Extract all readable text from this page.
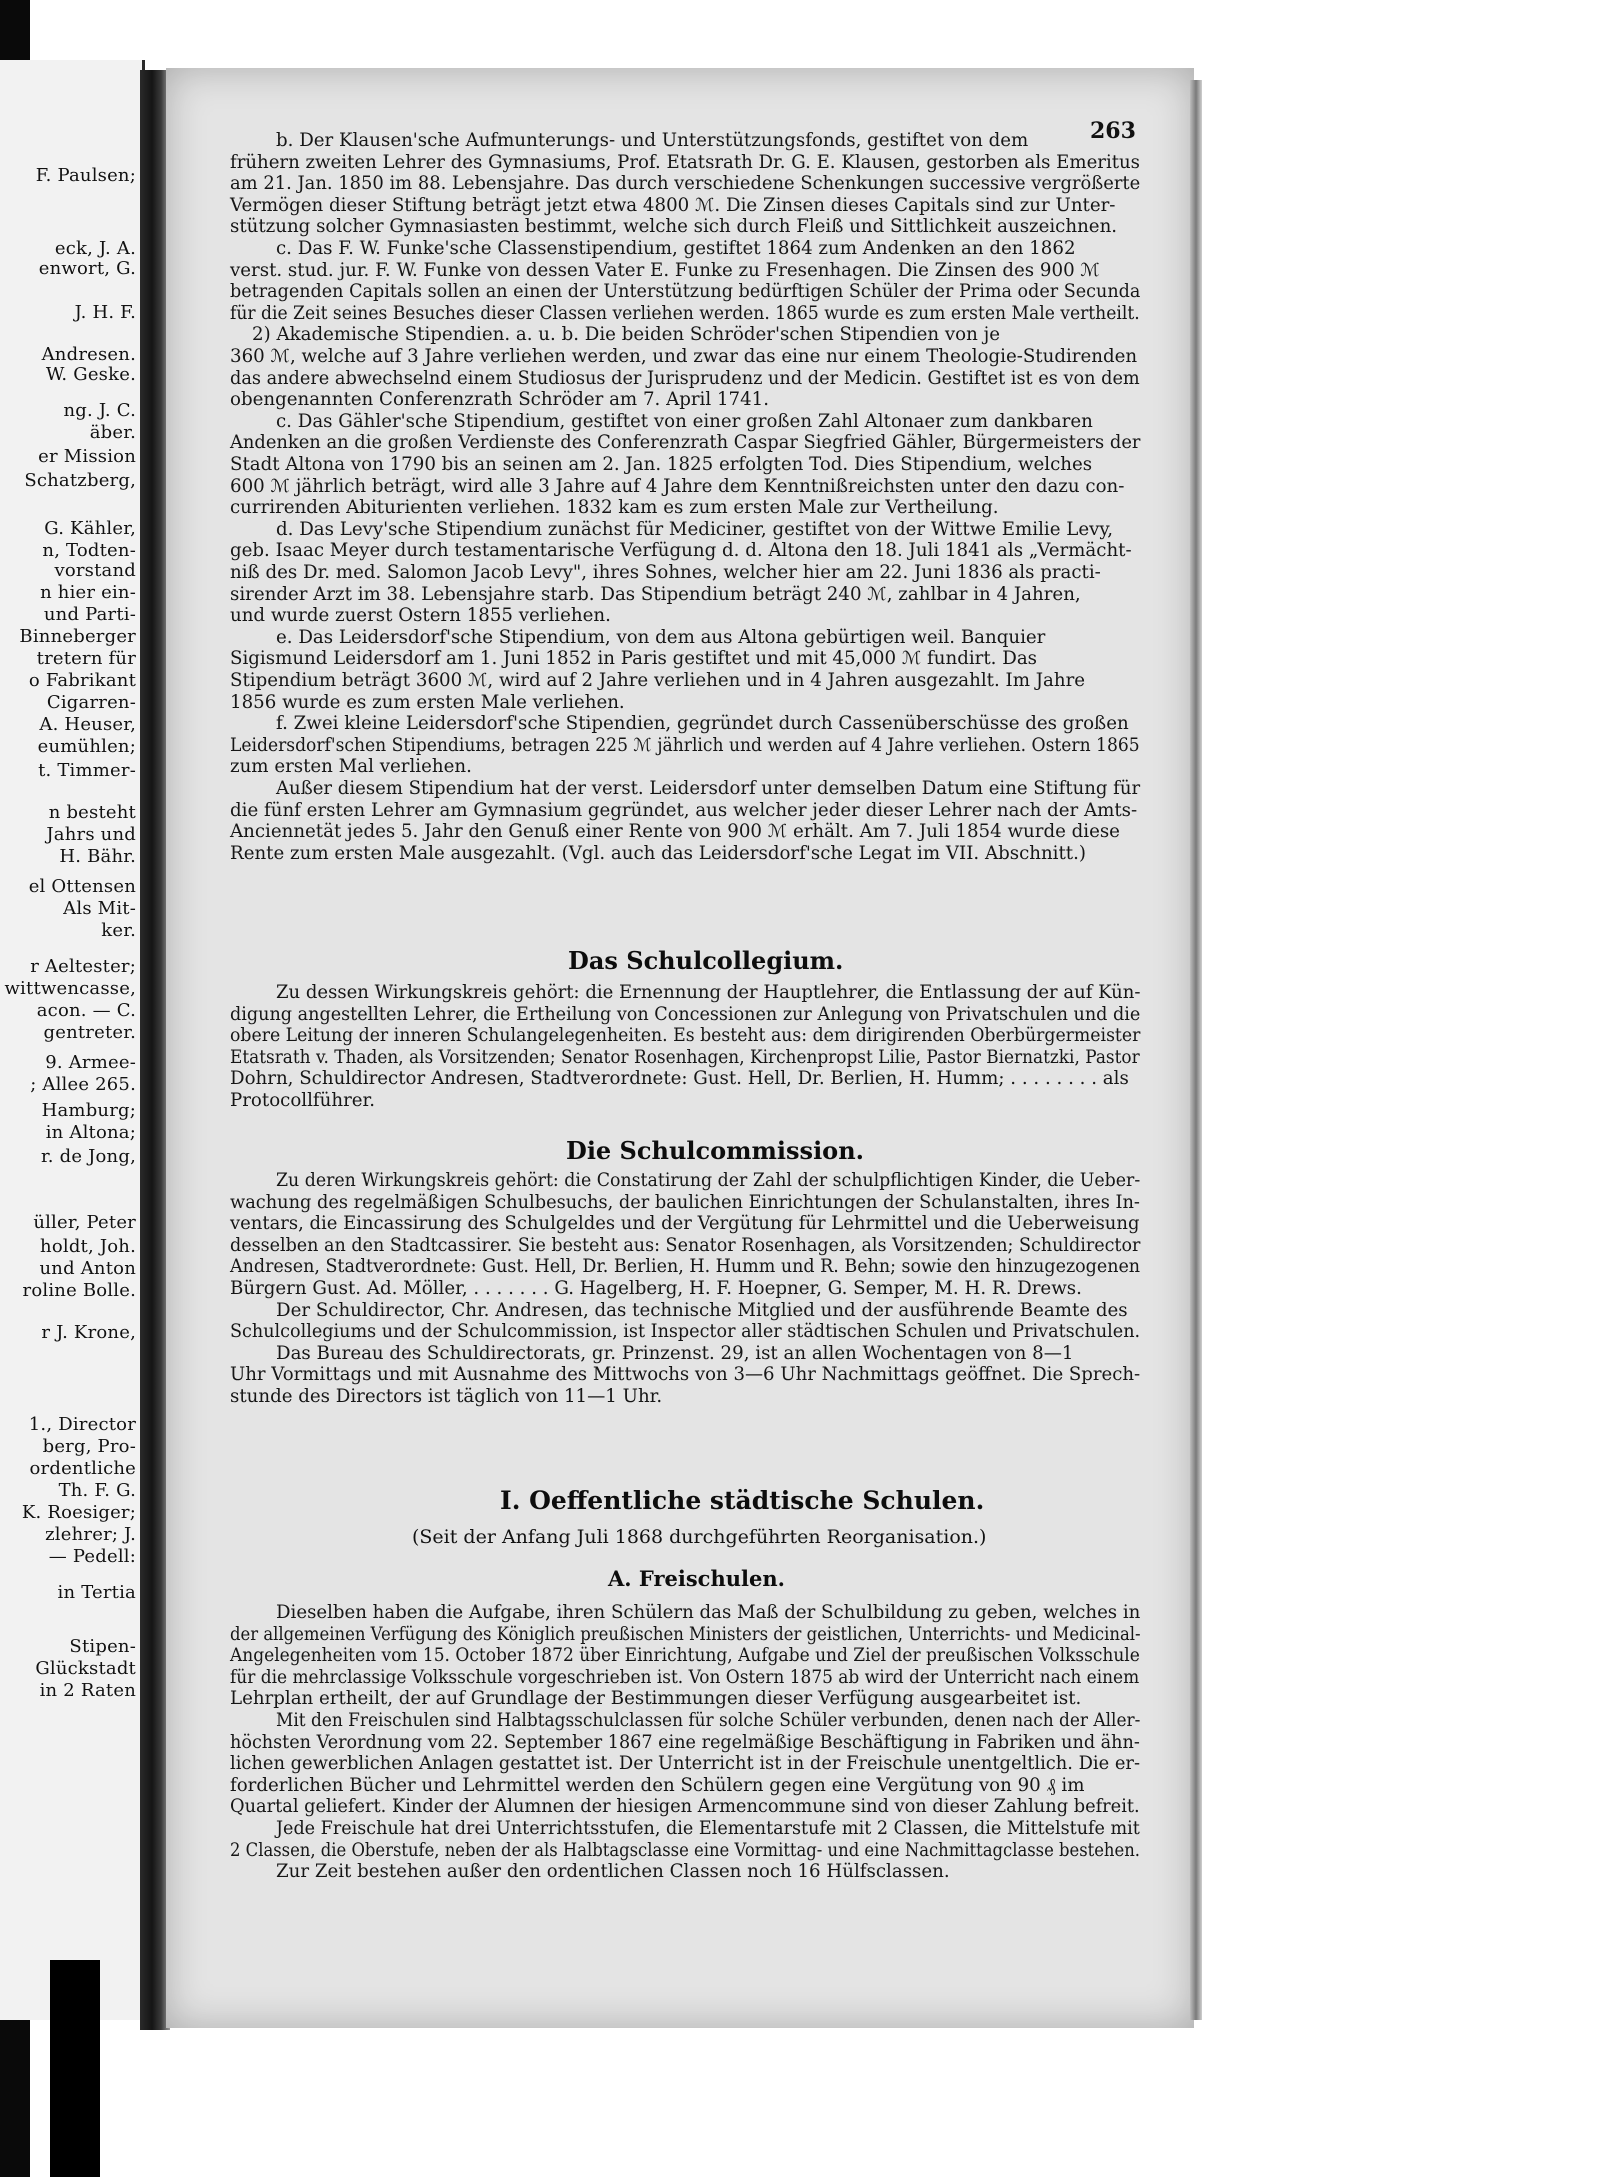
F. Paulsen;
eck, J. A.
enwort, G.
J. H. F.
Andresen.
W. Geske.
ng. J. C.
äber.
er Mission
Schatzberg,
G. Kähler,
n, Todten-
vorstand
n hier ein-
und Parti-
Binneberger
tretern für
o Fabrikant
Cigarren-
A. Heuser,
eumühlen;
t. Timmer-
n besteht
Jahrs und
H. Bähr.
el Ottensen
Als Mit-
ker.
r Aeltester;
wittwencasse,
acon. — C.
gentreter.
9. Armee-
; Allee 265.
Hamburg;
in Altona;
r. de Jong,
üller, Peter
holdt, Joh.
und Anton
roline Bolle.
r J. Krone,
1., Director
berg, Pro-
ordentliche
Th. F. G.
K. Roesiger;
zlehrer; J.
— Pedell:
in Tertia
Stipen-
Glückstadt
in 2 Raten
263
b. Der Klausen'sche Aufmunterungs- und Unterstützungsfonds, gestiftet von dem
frühern zweiten Lehrer des Gymnasiums, Prof. Etatsrath Dr. G. E. Klausen, gestorben als Emeritus
am 21. Jan. 1850 im 88. Lebensjahre. Das durch verschiedene Schenkungen successive vergrößerte
Vermögen dieser Stiftung beträgt jetzt etwa 4800 ℳ. Die Zinsen dieses Capitals sind zur Unter-
stützung solcher Gymnasiasten bestimmt, welche sich durch Fleiß und Sittlichkeit auszeichnen.
c. Das F. W. Funke'sche Classenstipendium, gestiftet 1864 zum Andenken an den 1862
verst. stud. jur. F. W. Funke von dessen Vater E. Funke zu Fresenhagen. Die Zinsen des 900 ℳ
betragenden Capitals sollen an einen der Unterstützung bedürftigen Schüler der Prima oder Secunda
für die Zeit seines Besuches dieser Classen verliehen werden. 1865 wurde es zum ersten Male vertheilt.
2) Akademische Stipendien. a. u. b. Die beiden Schröder'schen Stipendien von je
360 ℳ, welche auf 3 Jahre verliehen werden, und zwar das eine nur einem Theologie-Studirenden
das andere abwechselnd einem Studiosus der Jurisprudenz und der Medicin. Gestiftet ist es von dem
obengenannten Conferenzrath Schröder am 7. April 1741.
c. Das Gähler'sche Stipendium, gestiftet von einer großen Zahl Altonaer zum dankbaren
Andenken an die großen Verdienste des Conferenzrath Caspar Siegfried Gähler, Bürgermeisters der
Stadt Altona von 1790 bis an seinen am 2. Jan. 1825 erfolgten Tod. Dies Stipendium, welches
600 ℳ jährlich beträgt, wird alle 3 Jahre auf 4 Jahre dem Kenntnißreichsten unter den dazu con-
currirenden Abiturienten verliehen. 1832 kam es zum ersten Male zur Vertheilung.
d. Das Levy'sche Stipendium zunächst für Mediciner, gestiftet von der Wittwe Emilie Levy,
geb. Isaac Meyer durch testamentarische Verfügung d. d. Altona den 18. Juli 1841 als „Vermächt-
niß des Dr. med. Salomon Jacob Levy", ihres Sohnes, welcher hier am 22. Juni 1836 als practi-
sirender Arzt im 38. Lebensjahre starb. Das Stipendium beträgt 240 ℳ, zahlbar in 4 Jahren,
und wurde zuerst Ostern 1855 verliehen.
e. Das Leidersdorf'sche Stipendium, von dem aus Altona gebürtigen weil. Banquier
Sigismund Leidersdorf am 1. Juni 1852 in Paris gestiftet und mit 45,000 ℳ fundirt. Das
Stipendium beträgt 3600 ℳ, wird auf 2 Jahre verliehen und in 4 Jahren ausgezahlt. Im Jahre
1856 wurde es zum ersten Male verliehen.
f. Zwei kleine Leidersdorf'sche Stipendien, gegründet durch Cassenüberschüsse des großen
Leidersdorf'schen Stipendiums, betragen 225 ℳ jährlich und werden auf 4 Jahre verliehen. Ostern 1865
zum ersten Mal verliehen.
Außer diesem Stipendium hat der verst. Leidersdorf unter demselben Datum eine Stiftung für
die fünf ersten Lehrer am Gymnasium gegründet, aus welcher jeder dieser Lehrer nach der Amts-
Anciennetät jedes 5. Jahr den Genuß einer Rente von 900 ℳ erhält. Am 7. Juli 1854 wurde diese
Rente zum ersten Male ausgezahlt. (Vgl. auch das Leidersdorf'sche Legat im VII. Abschnitt.)
Das Schulcollegium.
Zu dessen Wirkungskreis gehört: die Ernennung der Hauptlehrer, die Entlassung der auf Kün-
digung angestellten Lehrer, die Ertheilung von Concessionen zur Anlegung von Privatschulen und die
obere Leitung der inneren Schulangelegenheiten. Es besteht aus: dem dirigirenden Oberbürgermeister
Etatsrath v. Thaden, als Vorsitzenden; Senator Rosenhagen, Kirchenpropst Lilie, Pastor Biernatzki, Pastor
Dohrn, Schuldirector Andresen, Stadtverordnete: Gust. Hell, Dr. Berlien, H. Humm; . . . . . . . . als
Protocollführer.
Die Schulcommission.
Zu deren Wirkungskreis gehört: die Constatirung der Zahl der schulpflichtigen Kinder, die Ueber-
wachung des regelmäßigen Schulbesuchs, der baulichen Einrichtungen der Schulanstalten, ihres In-
ventars, die Eincassirung des Schulgeldes und der Vergütung für Lehrmittel und die Ueberweisung
desselben an den Stadtcassirer. Sie besteht aus: Senator Rosenhagen, als Vorsitzenden; Schuldirector
Andresen, Stadtverordnete: Gust. Hell, Dr. Berlien, H. Humm und R. Behn; sowie den hinzugezogenen
Bürgern Gust. Ad. Möller, . . . . . . . G. Hagelberg, H. F. Hoepner, G. Semper, M. H. R. Drews.
Der Schuldirector, Chr. Andresen, das technische Mitglied und der ausführende Beamte des
Schulcollegiums und der Schulcommission, ist Inspector aller städtischen Schulen und Privatschulen.
Das Bureau des Schuldirectorats, gr. Prinzenst. 29, ist an allen Wochentagen von 8—1
Uhr Vormittags und mit Ausnahme des Mittwochs von 3—6 Uhr Nachmittags geöffnet. Die Sprech-
stunde des Directors ist täglich von 11—1 Uhr.
I. Oeffentliche städtische Schulen.
(Seit der Anfang Juli 1868 durchgeführten Reorganisation.)
A. Freischulen.
Dieselben haben die Aufgabe, ihren Schülern das Maß der Schulbildung zu geben, welches in
der allgemeinen Verfügung des Königlich preußischen Ministers der geistlichen, Unterrichts- und Medicinal-
Angelegenheiten vom 15. October 1872 über Einrichtung, Aufgabe und Ziel der preußischen Volksschule
für die mehrclassige Volksschule vorgeschrieben ist. Von Ostern 1875 ab wird der Unterricht nach einem
Lehrplan ertheilt, der auf Grundlage der Bestimmungen dieser Verfügung ausgearbeitet ist.
Mit den Freischulen sind Halbtagsschulclassen für solche Schüler verbunden, denen nach der Aller-
höchsten Verordnung vom 22. September 1867 eine regelmäßige Beschäftigung in Fabriken und ähn-
lichen gewerblichen Anlagen gestattet ist. Der Unterricht ist in der Freischule unentgeltlich. Die er-
forderlichen Bücher und Lehrmittel werden den Schülern gegen eine Vergütung von 90 ₰ im
Quartal geliefert. Kinder der Alumnen der hiesigen Armencommune sind von dieser Zahlung befreit.
Jede Freischule hat drei Unterrichtsstufen, die Elementarstufe mit 2 Classen, die Mittelstufe mit
2 Classen, die Oberstufe, neben der als Halbtagsclasse eine Vormittag- und eine Nachmittagclasse bestehen.
Zur Zeit bestehen außer den ordentlichen Classen noch 16 Hülfsclassen.
